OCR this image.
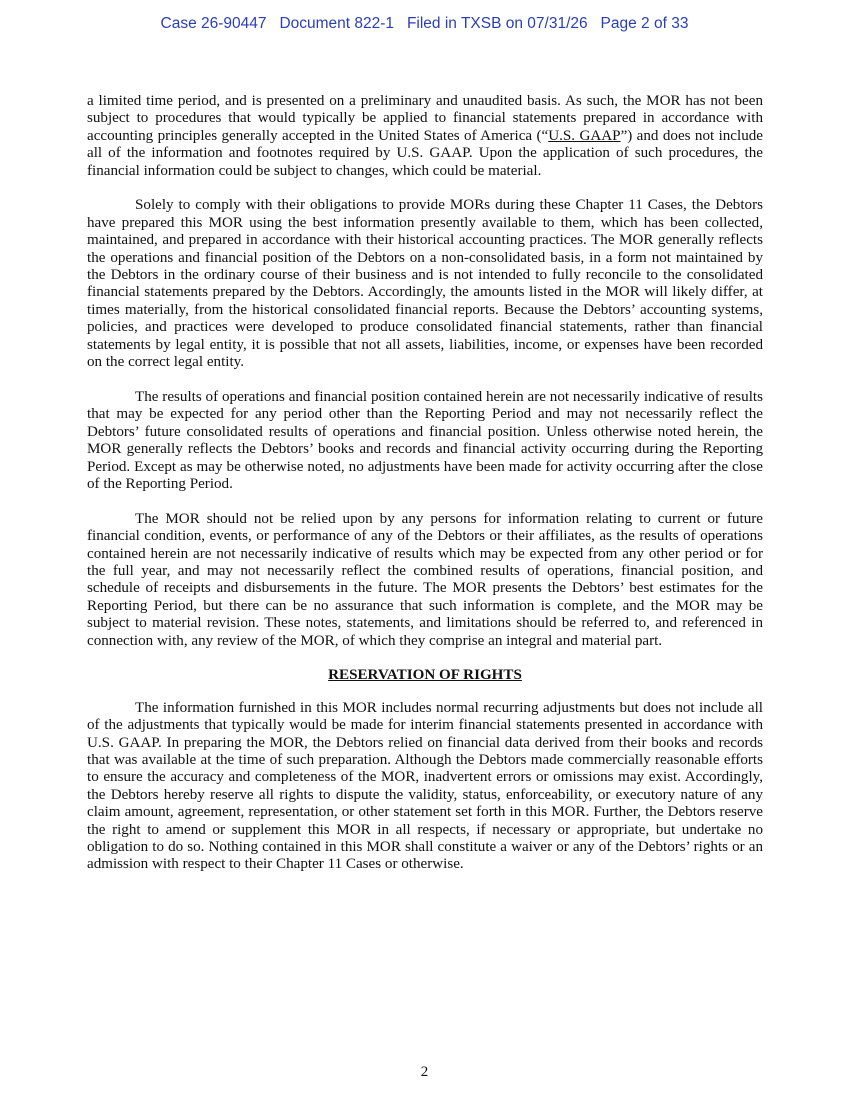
Case 26-90447   Document 822-1   Filed in TXSB on 07/31/26   Page 2 of 33

a limited time period, and is presented on a preliminary and unaudited basis. As such, the MOR has not been subject to procedures that would typically be applied to financial statements prepared in accordance with accounting principles generally accepted in the United States of America (“U.S. GAAP”) and does not include all of the information and footnotes required by U.S. GAAP. Upon the application of such procedures, the financial information could be subject to changes, which could be material.

Solely to comply with their obligations to provide MORs during these Chapter 11 Cases, the Debtors have prepared this MOR using the best information presently available to them, which has been collected, maintained, and prepared in accordance with their historical accounting practices. The MOR generally reflects the operations and financial position of the Debtors on a non-consolidated basis, in a form not maintained by the Debtors in the ordinary course of their business and is not intended to fully reconcile to the consolidated financial statements prepared by the Debtors. Accordingly, the amounts listed in the MOR will likely differ, at times materially, from the historical consolidated financial reports. Because the Debtors’ accounting systems, policies, and practices were developed to produce consolidated financial statements, rather than financial statements by legal entity, it is possible that not all assets, liabilities, income, or expenses have been recorded on the correct legal entity.

The results of operations and financial position contained herein are not necessarily indicative of results that may be expected for any period other than the Reporting Period and may not necessarily reflect the Debtors’ future consolidated results of operations and financial position. Unless otherwise noted herein, the MOR generally reflects the Debtors’ books and records and financial activity occurring during the Reporting Period. Except as may be otherwise noted, no adjustments have been made for activity occurring after the close of the Reporting Period.

The MOR should not be relied upon by any persons for information relating to current or future financial condition, events, or performance of any of the Debtors or their affiliates, as the results of operations contained herein are not necessarily indicative of results which may be expected from any other period or for the full year, and may not necessarily reflect the combined results of operations, financial position, and schedule of receipts and disbursements in the future. The MOR presents the Debtors’ best estimates for the Reporting Period, but there can be no assurance that such information is complete, and the MOR may be subject to material revision. These notes, statements, and limitations should be referred to, and referenced in connection with, any review of the MOR, of which they comprise an integral and material part.

RESERVATION OF RIGHTS

The information furnished in this MOR includes normal recurring adjustments but does not include all of the adjustments that typically would be made for interim financial statements presented in accordance with U.S. GAAP. In preparing the MOR, the Debtors relied on financial data derived from their books and records that was available at the time of such preparation. Although the Debtors made commercially reasonable efforts to ensure the accuracy and completeness of the MOR, inadvertent errors or omissions may exist. Accordingly, the Debtors hereby reserve all rights to dispute the validity, status, enforceability, or executory nature of any claim amount, agreement, representation, or other statement set forth in this MOR. Further, the Debtors reserve the right to amend or supplement this MOR in all respects, if necessary or appropriate, but undertake no obligation to do so. Nothing contained in this MOR shall constitute a waiver or any of the Debtors’ rights or an admission with respect to their Chapter 11 Cases or otherwise.

2
